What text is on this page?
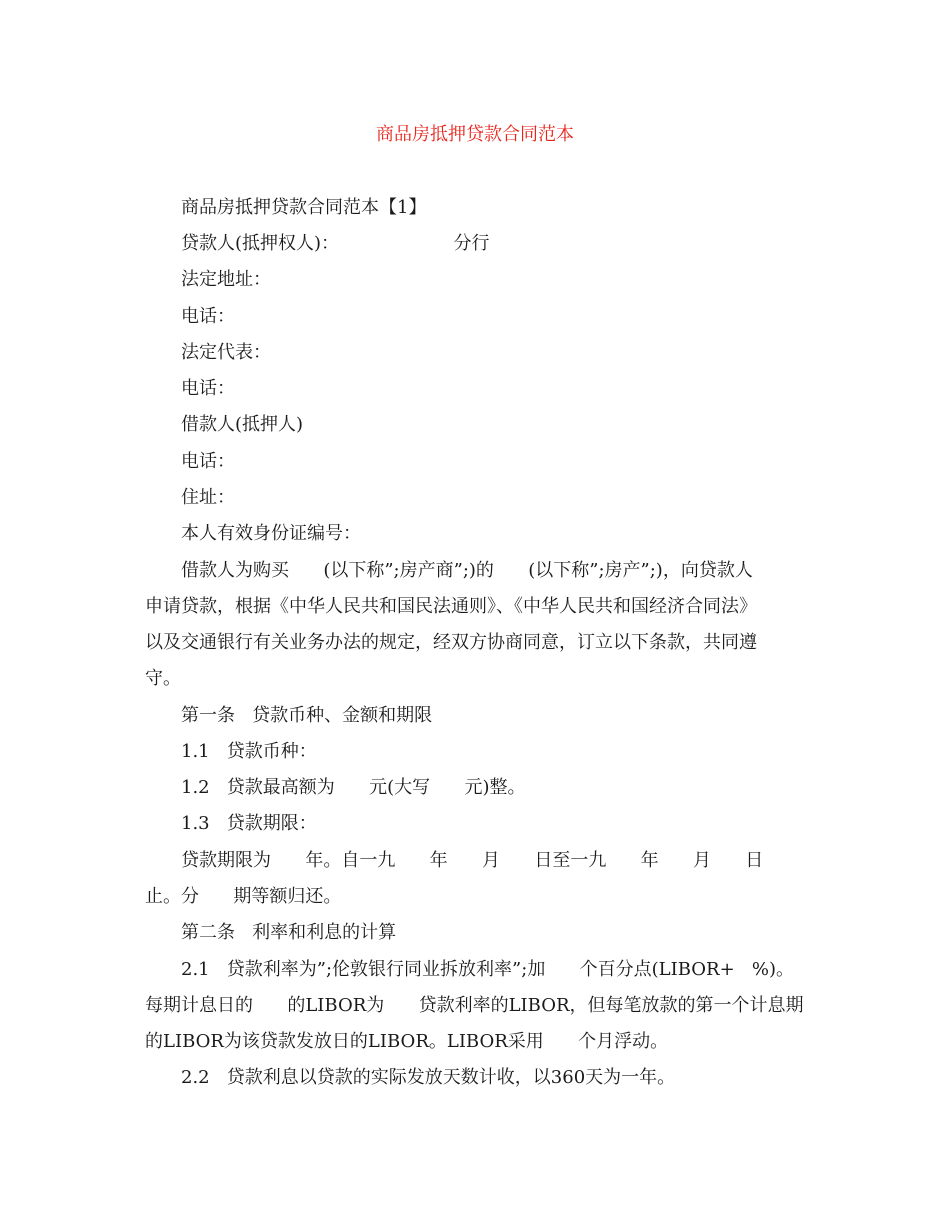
商品房抵押贷款合同范本
商品房抵押贷款合同范本【1】
贷款人(抵押权人)：                    分行
法定地址：
电话：
法定代表：
电话：
借款人(抵押人)
电话：
住址：
本人有效身份证编号：
借款人为购买      (以下称”;房产商”;)的      (以下称”;房产”;)，向贷款人
申请贷款，根据《中华人民共和国民法通则》、《中华人民共和国经济合同法》
以及交通银行有关业务办法的规定，经双方协商同意，订立以下条款，共同遵
守。
第一条   贷款币种、金额和期限
1.1   贷款币种：
1.2   贷款最高额为      元(大写      元)整。
1.3   贷款期限：
贷款期限为      年。自一九      年      月      日至一九      年      月      日
止。分      期等额归还。
第二条   利率和利息的计算
2.1   贷款利率为”;伦敦银行同业拆放利率”;加      个百分点(LIBOR+   %)。
每期计息日的      的LIBOR为      贷款利率的LIBOR，但每笔放款的第一个计息期
的LIBOR为该贷款发放日的LIBOR。LIBOR采用      个月浮动。
2.2   贷款利息以贷款的实际发放天数计收，以360天为一年。
